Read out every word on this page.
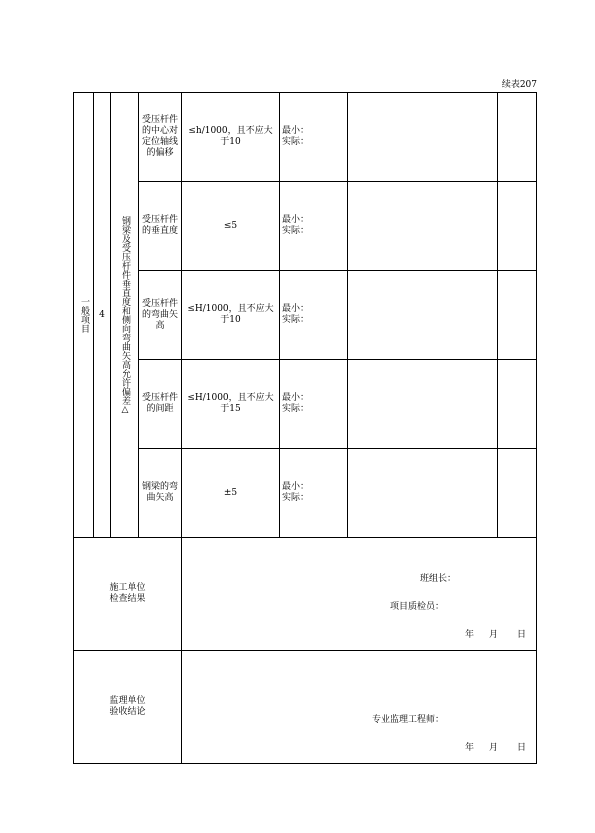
续表207
一般项目	4	钢梁及受压杆件垂直度和侧向弯曲矢高允许偏差△	受压杆件的中心对定位轴线的偏移	≤h/1000，且不应大于10	最小：
实际：		

			受压杆件的垂直度	≤5	最小：
实际：		

			受压杆件的弯曲矢高	≤H/1000，且不应大于10	最小：
实际：		

			受压杆件的间距	≤H/1000，且不应大于15	最小：
实际：		

			钢梁的弯曲矢高	±5	最小：
实际：		

施工单位检查结果				班组长：
项目质检员：
年 月 日			

监理单位验收结论				专业监理工程师：
年 月 日			
